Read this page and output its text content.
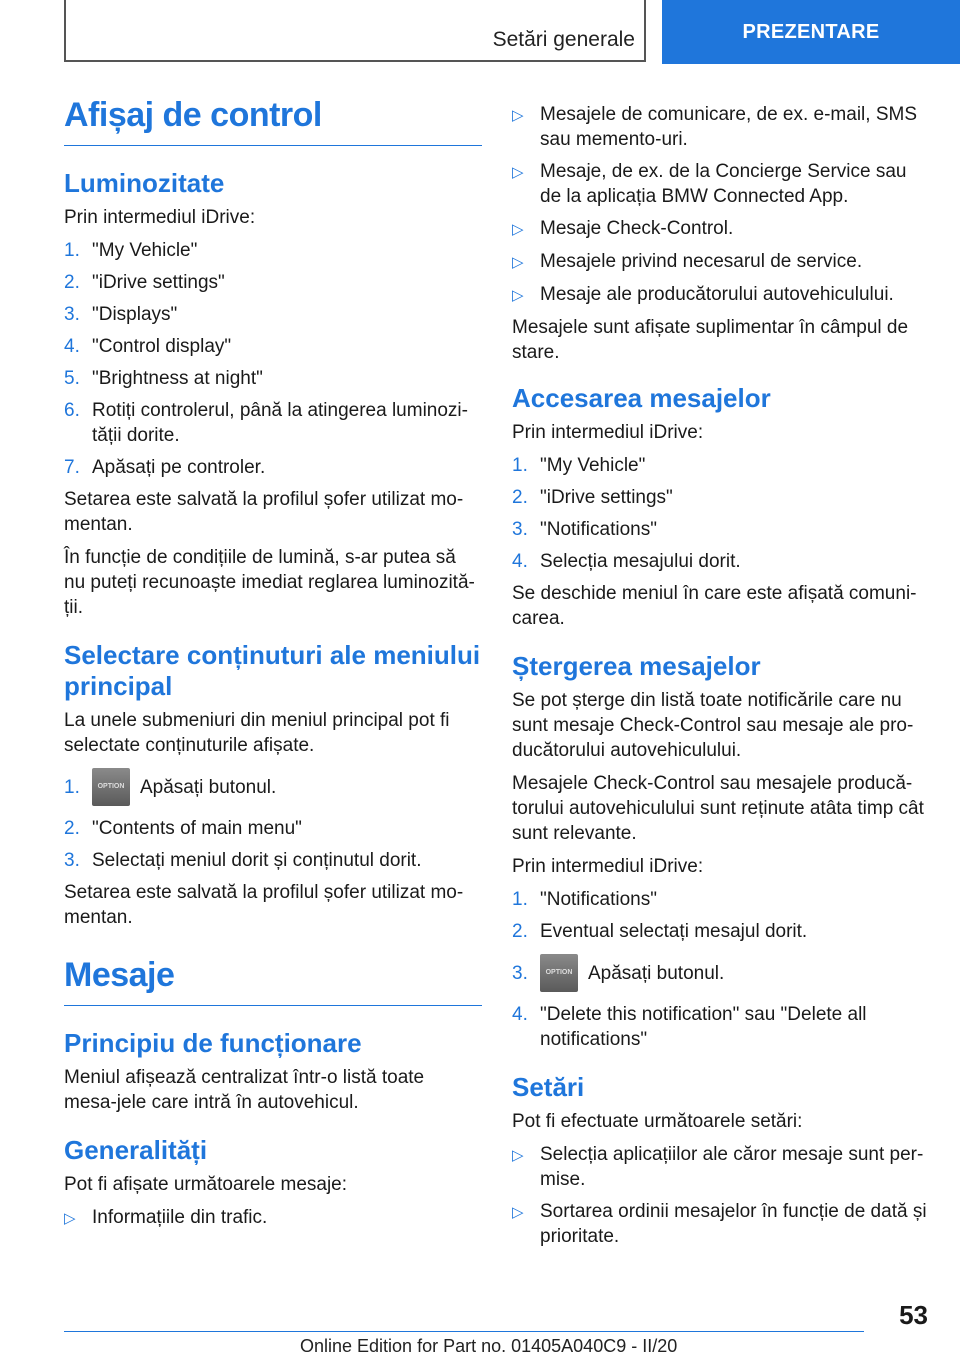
Setări generale	PREZENTARE
Afișaj de control
Luminozitate

Prin intermediul iDrive:

1. "My Vehicle"
2. "iDrive settings"
3. "Displays"
4. "Control display"
5. "Brightness at night"
6. Rotiți controlerul, până la atingerea luminozi‐tății dorite.
7. Apăsați pe controler.

Setarea este salvată la profilul șofer utilizat mo‐mentan.

În funcție de condițiile de lumină, s-ar putea să nu puteți recunoaște imediat reglarea luminozită‐ții.

Selectare conținuturi ale meniului principal

La unele submeniuri din meniul principal pot fi selectate conținuturile afișate.

1.	OPTION Apăsați butonul.
2. "Contents of main menu"
3. Selectați meniul dorit și conținutul dorit.

Setarea este salvată la profilul șofer utilizat mo‐mentan.

Mesaje
Principiu de funcționare

Meniul afișează centralizat într-o listă toate mesa‐jele care intră în autovehicul.

Generalități

Pot fi afișate următoarele mesaje:

▷ Informațiile din trafic.
▷ Mesajele de comunicare, de ex. e-mail, SMS sau memento-uri.
▷ Mesaje, de ex. de la Concierge Service sau de la aplicația BMW Connected App.
▷ Mesaje Check-Control.
▷ Mesajele privind necesarul de service.
▷ Mesaje ale producătorului autovehiculului.

Mesajele sunt afișate suplimentar în câmpul de stare.

Accesarea mesajelor

Prin intermediul iDrive:

1. "My Vehicle"
2. "iDrive settings"
3. "Notifications"
4. Selecția mesajului dorit.

Se deschide meniul în care este afișată comuni‐carea.

Ștergerea mesajelor

Se pot șterge din listă toate notificările care nu sunt mesaje Check-Control sau mesaje ale pro‐ducătorului autovehiculului.

Mesajele Check-Control sau mesajele producă‐torului autovehiculului sunt reținute atâta timp cât sunt relevante.

Prin intermediul iDrive:

1. "Notifications"
2. Eventual selectați mesajul dorit.
3.	OPTION Apăsați butonul.
4. "Delete this notification" sau "Delete all notifications"
Setări

Pot fi efectuate următoarele setări:

▷ Selecția aplicațiilor ale căror mesaje sunt per‐mise.
▷ Sortarea ordinii mesajelor în funcție de dată și prioritate.
53
Online Edition for Part no. 01405A040C9 - II/20
